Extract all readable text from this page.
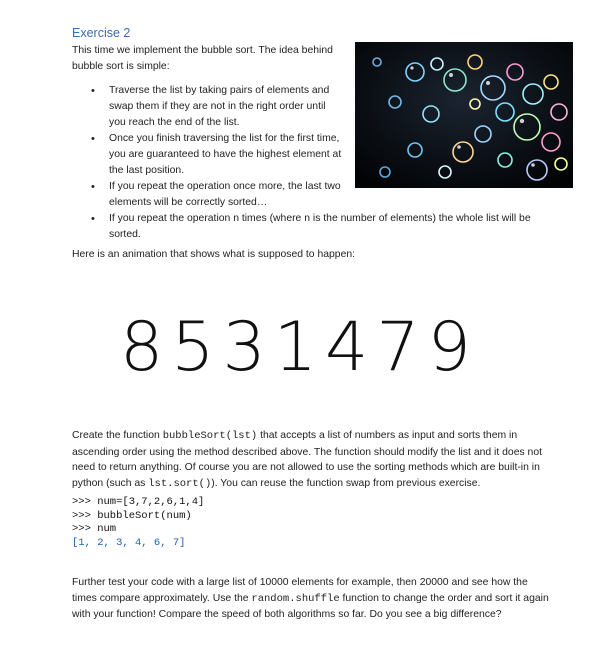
Exercise 2

This time we implement the bubble sort. The idea behind bubble sort is simple:

• Traverse the list by taking pairs of elements and swap them if they are not in the right order until you reach the end of the list.
• Once you finish traversing the list for the first time, you are guaranteed to have the highest element at the last position.
• If you repeat the operation once more, the last two elements will be correctly sorted…
• If you repeat the operation n times (where n is the number of elements) the whole list will be sorted.

Here is an animation that shows what is supposed to happen:

8531479

Create the function bubbleSort(lst) that accepts a list of numbers as input and sorts them in ascending order using the method described above. The function should modify the list and it does not need to return anything. Of course you are not allowed to use the sorting methods which are built-in in python (such as lst.sort()). You can reuse the function swap from previous exercise.

>>> num=[3,7,2,6,1,4]
>>> bubbleSort(num)
>>> num
[1, 2, 3, 4, 6, 7]

Further test your code with a large list of 10000 elements for example, then 20000 and see how the times compare approximately. Use the random.shuffle function to change the order and sort it again with your function! Compare the speed of both algorithms so far. Do you see a big difference?
